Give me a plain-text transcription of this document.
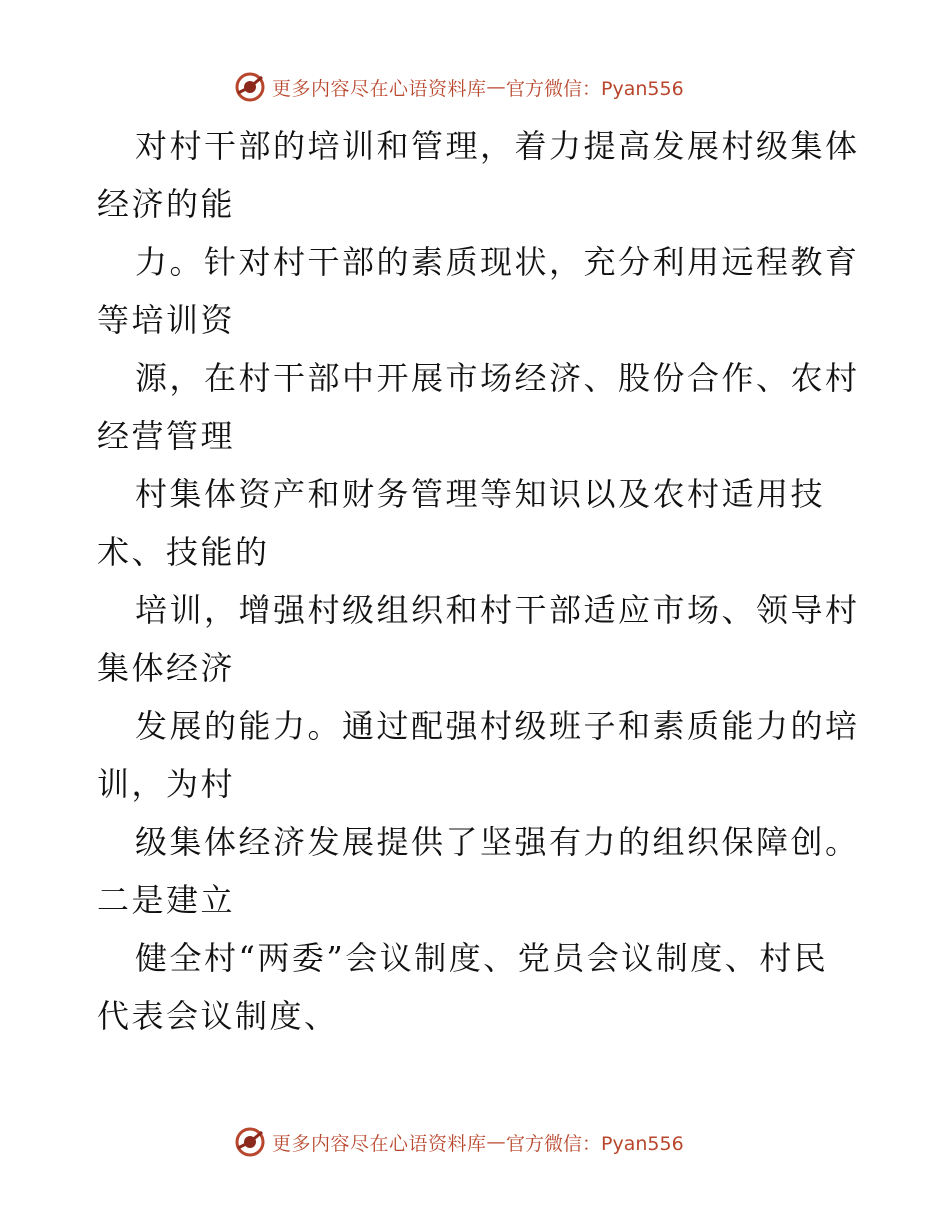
更多内容尽在心语资料库 — 官方微信：Pyan556
对村干部的培训和管理，着力提高发展村级集体
经济的能
力。针对村干部的素质现状，充分利用远程教育
等培训资
源，在村干部中开展市场经济、股份合作、农村
经营管理
村集体资产和财务管理等知识以及农村适用技
术、技能的
培训，增强村级组织和村干部适应市场、领导村
集体经济
发展的能力。通过配强村级班子和素质能力的培
训，为村
级集体经济发展提供了坚强有力的组织保障创。
二是建立
健全村“两委”会议制度、党员会议制度、村民
代表会议制度、
更多内容尽在心语资料库 — 官方微信：Pyan556
